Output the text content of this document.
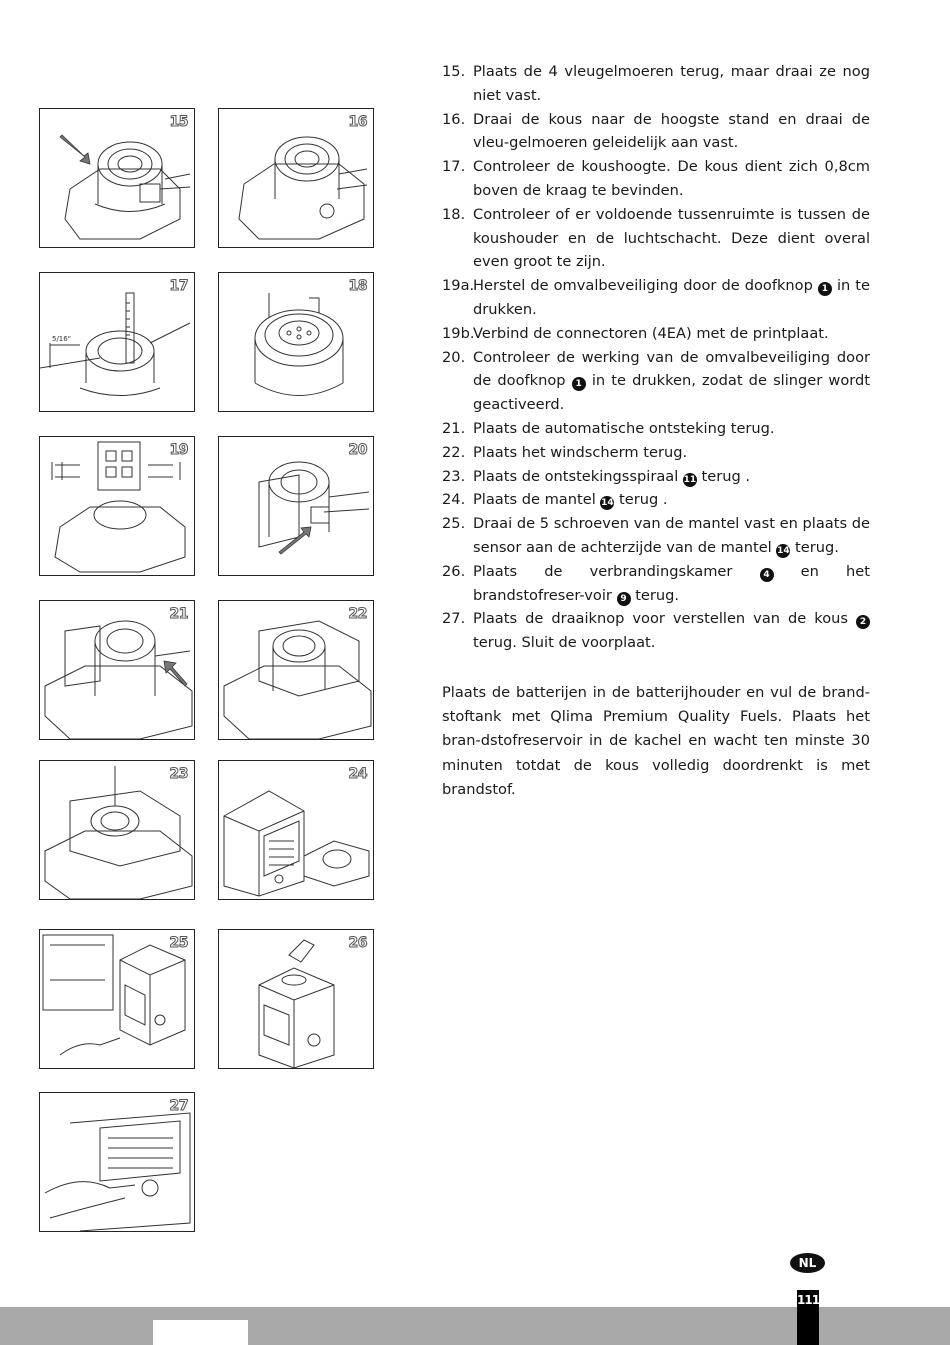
15	16
5/16"
17	18
19	20
21	22
23	24
25	26
27
15. Plaats de 4 vleugelmoeren terug, maar draai ze nog niet vast.
16. Draai de kous naar de hoogste stand en draai de vleu-gelmoeren geleidelijk aan vast.
17. Controleer de koushoogte. De kous dient zich 0,8cm boven de kraag te bevinden.
18. Controleer of er voldoende tussenruimte is tussen de koushouder en de luchtschacht. Deze dient overal even groot te zijn.
19a.
Herstel de omvalbeveiliging door de doofknop 1 in te drukken.
19b.
Verbind de connectoren (4EA) met de printplaat.
20. Controleer de werking van de omvalbeveiliging door de doofknop 1 in te drukken, zodat de slinger wordt geactiveerd.
21. Plaats de automatische ontsteking terug.
22. Plaats het windscherm terug.
23. Plaats de ontstekingsspiraal 11 terug .
24. Plaats de mantel 14 terug .
25. Draai de 5 schroeven van de mantel vast en plaats de sensor aan de achterzijde van de mantel 14 terug.
26. Plaats de verbrandingskamer 4 en het brandstofreser-voir 9 terug.
27. Plaats de draaiknop voor verstellen van de kous 2 terug. Sluit de voorplaat.
Plaats de batterijen in de batterijhouder en vul de brand-stoftank met Qlima Premium Quality Fuels. Plaats het bran-dstofreservoir in de kachel en wacht ten minste 30 minuten totdat de kous volledig doordrenkt is met brandstof.
NL
111
